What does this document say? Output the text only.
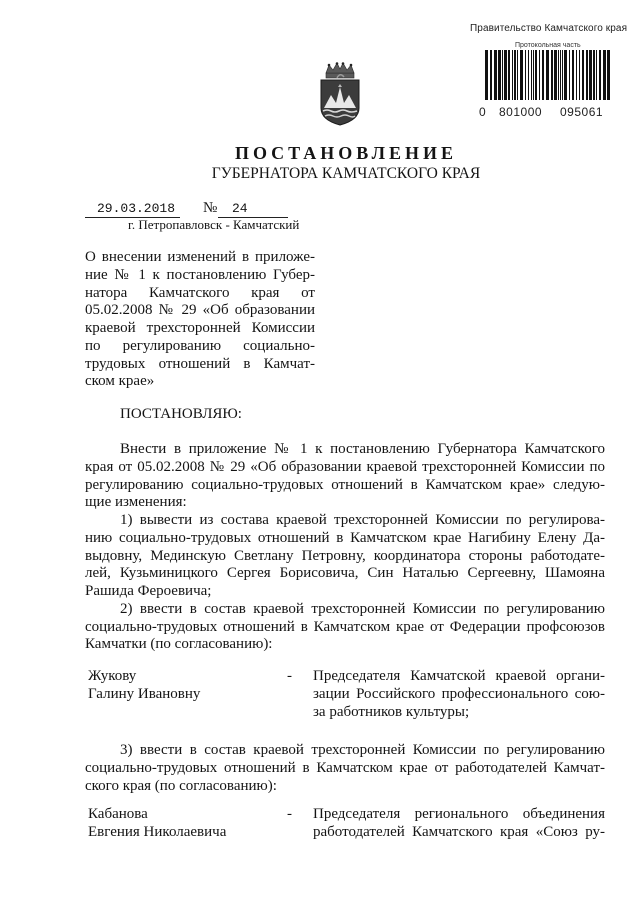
Правительство Камчатского края
Протокольная часть
0 801000 095061
ПОСТАНОВЛЕНИЕ
ГУБЕРНАТОРА КАМЧАТСКОГО КРАЯ
29.03.2018 № 24
г. Петропавловск - Камчатский
О внесении изменений в приложе-
ние № 1 к постановлению Губер-
натора Камчатского края от
05.02.2008 № 29 «Об образовании
краевой трехсторонней Комиссии
по регулированию социально-
трудовых отношений в Камчат-
ском крае»
ПОСТАНОВЛЯЮ:
Внести в приложение № 1 к постановлению Губернатора Камчатского
края от 05.02.2008 № 29 «Об образовании краевой трехсторонней Комиссии по
регулированию социально-трудовых отношений в Камчатском крае» следую-
щие изменения:
1) вывести из состава краевой трехсторонней Комиссии по регулирова-
нию социально-трудовых отношений в Камчатском крае Нагибину Елену Да-
выдовну, Мединскую Светлану Петровну, координатора стороны работодате-
лей, Кузьминицкого Сергея Борисовича, Син Наталью Сергеевну, Шамояна
Рашида Фероевича;
2) ввести в состав краевой трехсторонней Комиссии по регулированию
социально-трудовых отношений в Камчатском крае от Федерации профсоюзов
Камчатки (по согласованию):
Жукову
Галину Ивановну
- Председателя Камчатской краевой органи-
зации Российского профессионального сою-
за работников культуры;
3) ввести в состав краевой трехсторонней Комиссии по регулированию
социально-трудовых отношений в Камчатском крае от работодателей Камчат-
ского края (по согласованию):
Кабанова
Евгения Николаевича
- Председателя регионального объединения
работодателей Камчатского края «Союз ру-
